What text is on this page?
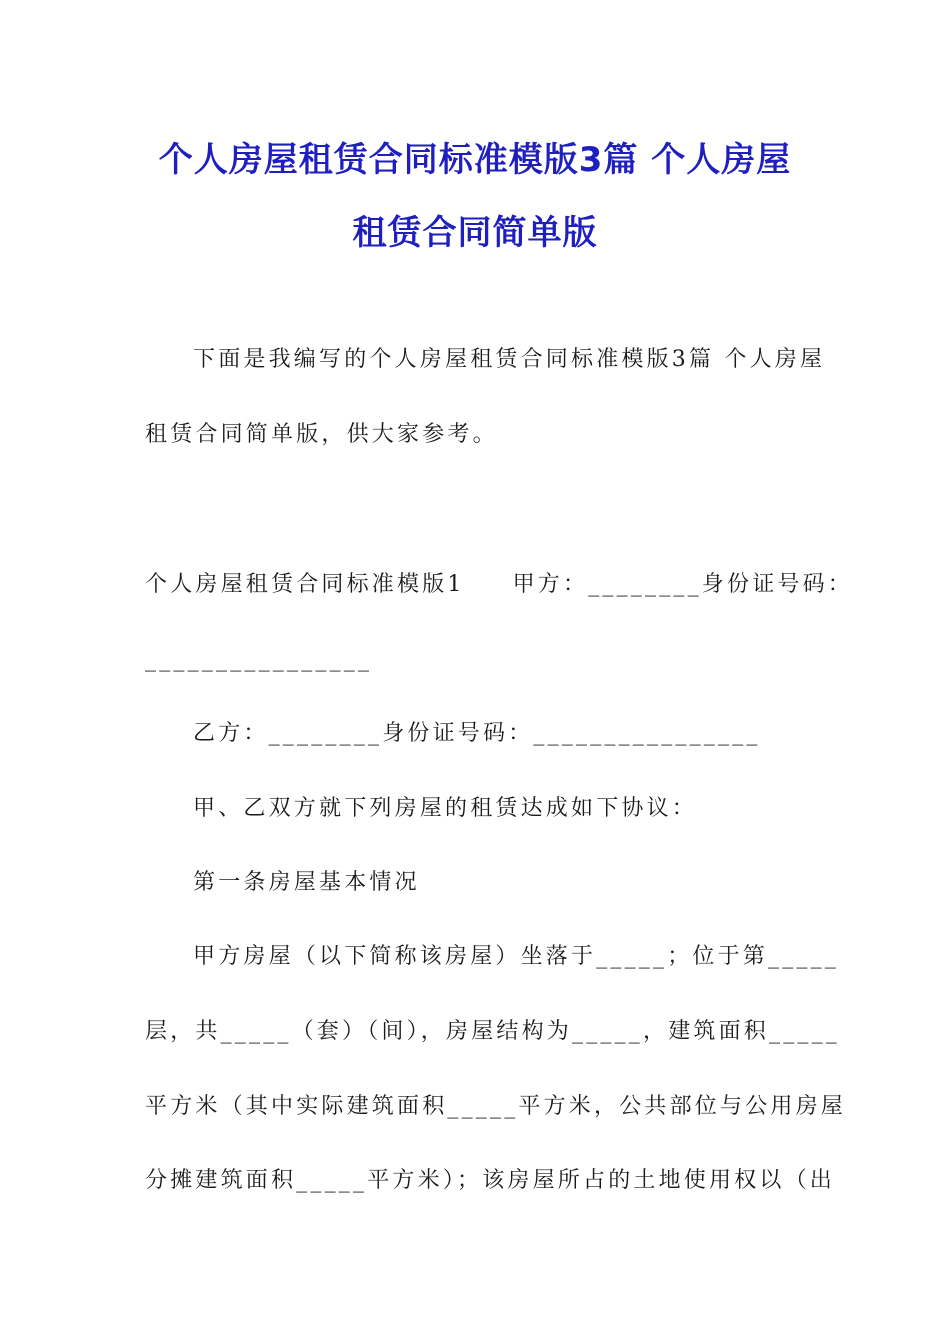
个人房屋租赁合同标准模版3篇 个人房屋
租赁合同简单版
下面是我编写的个人房屋租赁合同标准模版3篇 个人房屋
租赁合同简单版，供大家参考。
个人房屋租赁合同标准模版1 甲方：________身份证号码：
________________
乙方：________身份证号码：________________
甲、乙双方就下列房屋的租赁达成如下协议：
第一条房屋基本情况
甲方房屋（以下简称该房屋）坐落于_____；位于第_____
层，共_____（套）（间），房屋结构为_____，建筑面积_____
平方米（其中实际建筑面积_____平方米，公共部位与公用房屋
分摊建筑面积_____平方米）；该房屋所占的土地使用权以（出
